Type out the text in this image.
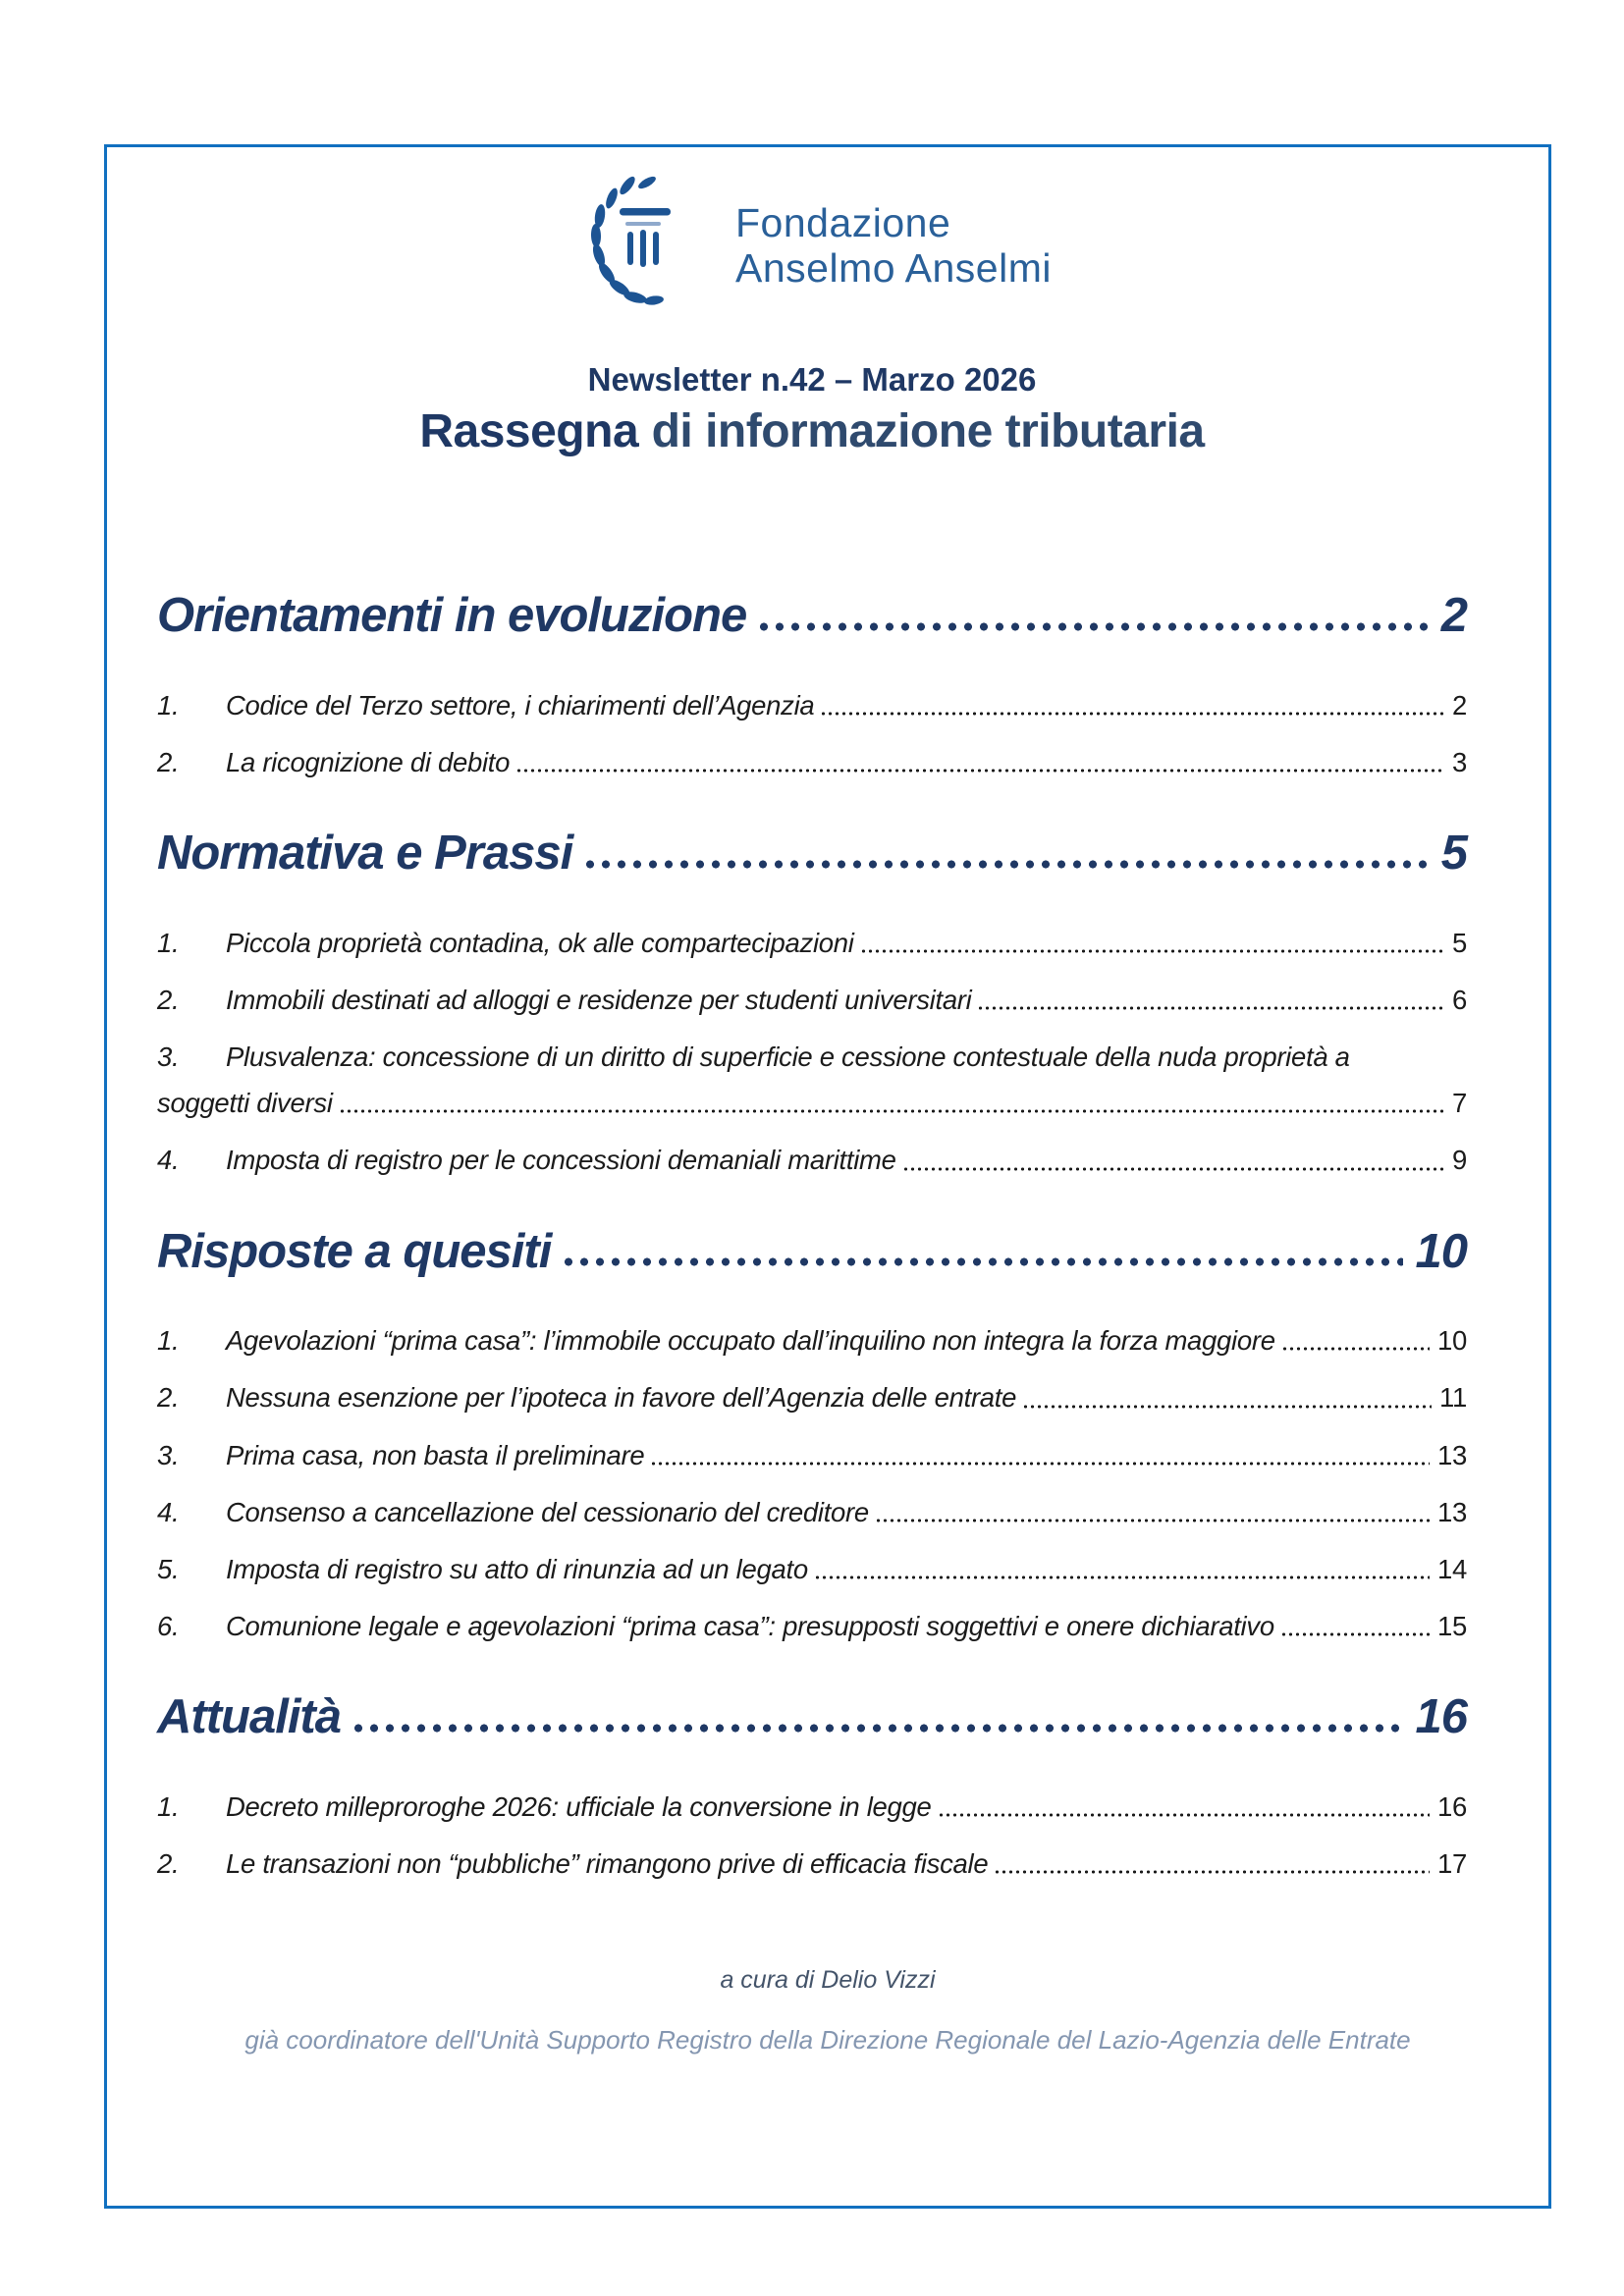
Fondazione
Anselmo Anselmi
Newsletter n.42 – Marzo 2026
Rassegna di informazione tributaria
Orientamenti in evoluzione	2
1.	Codice del Terzo settore, i chiarimenti dell’Agenzia	2
2.	La ricognizione di debito	3
Normativa e Prassi	5
1.	Piccola proprietà contadina, ok alle compartecipazioni	5
2.	Immobili destinati ad alloggi e residenze per studenti universitari	6
3.	Plusvalenza: concessione di un diritto di superficie e cessione contestuale della nuda proprietà a
soggetti diversi	7
4.	Imposta di registro per le concessioni demaniali marittime	9
Risposte a quesiti	10
1.	Agevolazioni “prima casa”: l’immobile occupato dall’inquilino non integra la forza maggiore	10
2.	Nessuna esenzione per l’ipoteca in favore dell’Agenzia delle entrate	11
3.	Prima casa, non basta il preliminare	13
4.	Consenso a cancellazione del cessionario del creditore	13
5.	Imposta di registro su atto di rinunzia ad un legato	14
6.	Comunione legale e agevolazioni “prima casa”: presupposti soggettivi e onere dichiarativo	15
Attualità	16
1.	Decreto milleproroghe 2026: ufficiale la conversione in legge	16
2.	Le transazioni non “pubbliche” rimangono prive di efficacia fiscale	17
a cura di Delio Vizzi
già coordinatore dell'Unità Supporto Registro della Direzione Regionale del Lazio-Agenzia delle Entrate
